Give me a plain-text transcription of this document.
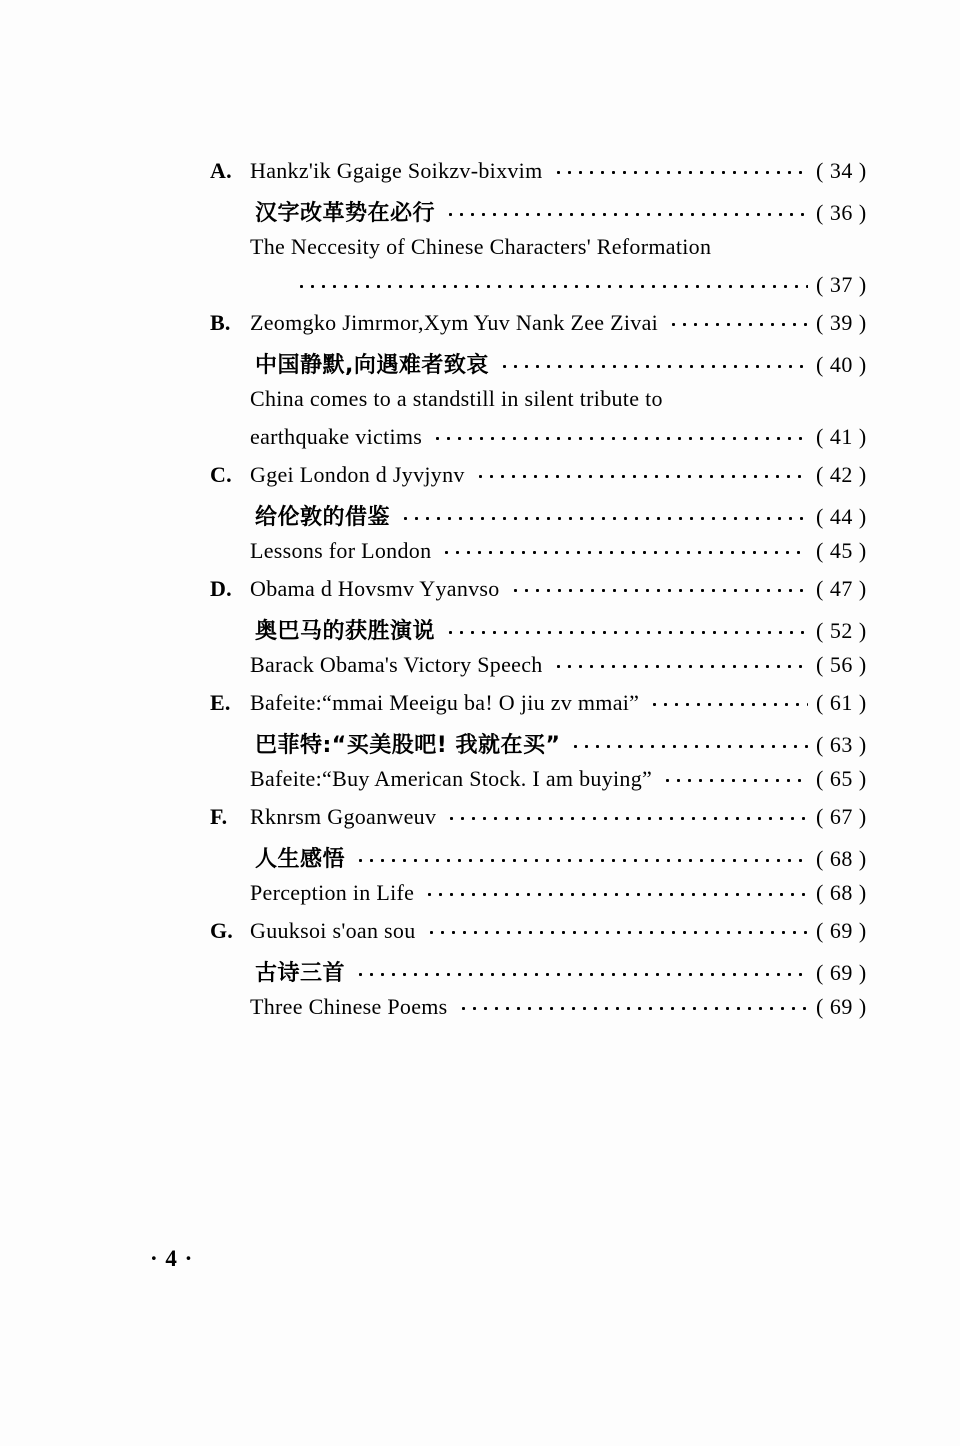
A. Hankz'ik Ggaige Soikzv-bixvim	( 34 )
汉字改革势在必行	( 36 )
The Neccesity of Chinese Characters' Reformation
( 37 )
B. Zeomgko Jimrmor,Xym Yuv Nank Zee Zivai	( 39 )
中国静默,向遇难者致哀	( 40 )
China comes to a standstill in silent tribute to
earthquake victims	( 41 )
C. Ggei London d Jyvjynv	( 42 )
给伦敦的借鉴	( 44 )
Lessons for London	( 45 )
D. Obama d Hovsmv Yyanvso	( 47 )
奥巴马的获胜演说	( 52 )
Barack Obama's Victory Speech	( 56 )
E. Bafeite:“mmai Meeigu ba! O jiu zv mmai”	( 61 )
巴菲特:“买美股吧! 我就在买”	( 63 )
Bafeite:“Buy American Stock. I am buying”	( 65 )
F.	Rknrsm Ggoanweuv	( 67 )
人生感悟	( 68 )
Perception in Life	( 68 )
G. Guuksoi s'oan sou	( 69 )
古诗三首	( 69 )
Three Chinese Poems	( 69 )
· 4 ·
